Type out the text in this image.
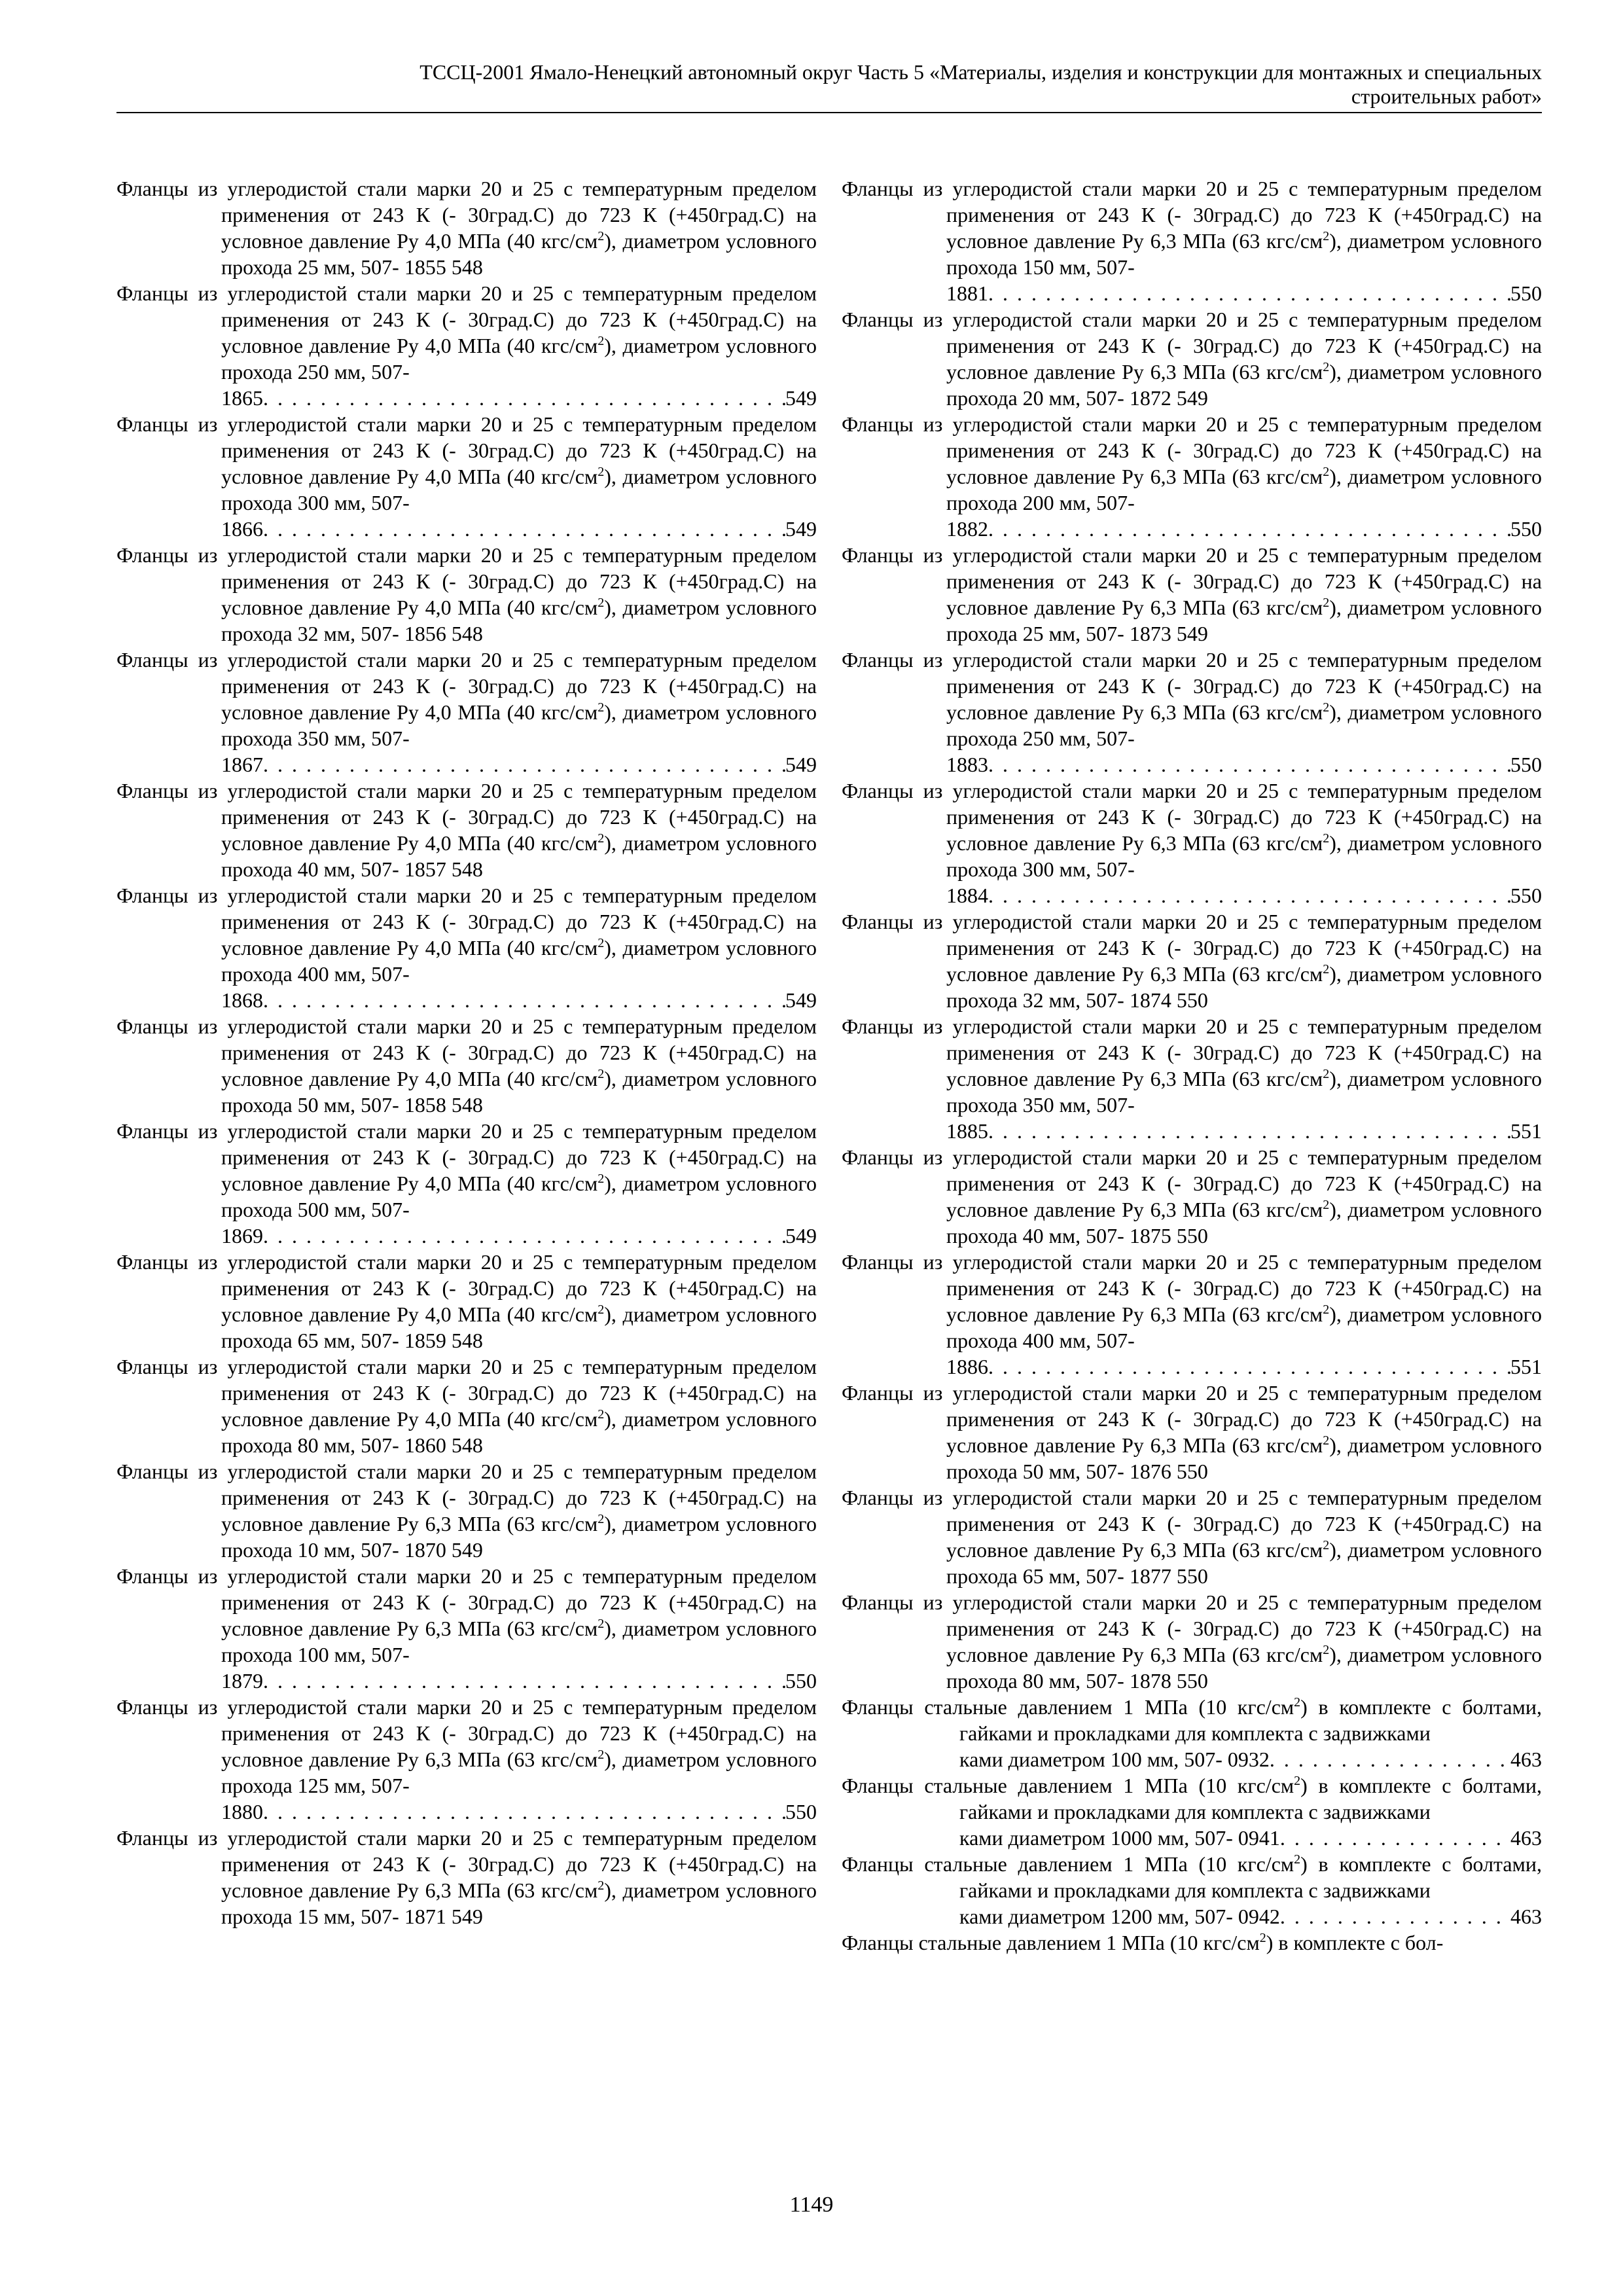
ТССЦ-2001 Ямало-Ненецкий автономный округ Часть 5 «Материалы, изделия и конструкции для монтажных и специальных
строительных работ»

Фланцы из углеродистой стали марки 20 и 25 с температурным пределом применения от 243 К (- 30град.С) до 723 К (+450град.С) на условное давление Ру 4,0 МПа (40 кгс/$см^2$), диаметром условного прохода 25 мм, 507- 1855 548

Фланцы из углеродистой стали марки 20 и 25 с температурным пределом применения от 243 К (- 30град.С) до 723 К (+450град.С) на условное давление Ру 4,0 МПа (40 кгс/$см^2$), диаметром условного прохода 250 мм, 507-

1865 . . .	549

Фланцы из углеродистой стали марки 20 и 25 с температурным пределом применения от 243 К (- 30град.С) до 723 К (+450град.С) на условное давление Ру 4,0 МПа (40 кгс/$см^2$), диаметром условного прохода 300 мм, 507-

1866 . . .	549

Фланцы из углеродистой стали марки 20 и 25 с температурным пределом применения от 243 К (- 30град.С) до 723 К (+450град.С) на условное давление Ру 4,0 МПа (40 кгс/$см^2$), диаметром условного прохода 32 мм, 507- 1856 548

Фланцы из углеродистой стали марки 20 и 25 с температурным пределом применения от 243 К (- 30град.С) до 723 К (+450град.С) на условное давление Ру 4,0 МПа (40 кгс/$см^2$), диаметром условного прохода 350 мм, 507-

1867 . . .	549

Фланцы из углеродистой стали марки 20 и 25 с температурным пределом применения от 243 К (- 30град.С) до 723 К (+450град.С) на условное давление Ру 4,0 МПа (40 кгс/$см^2$), диаметром условного прохода 40 мм, 507- 1857 548

Фланцы из углеродистой стали марки 20 и 25 с температурным пределом применения от 243 К (- 30град.С) до 723 К (+450град.С) на условное давление Ру 4,0 МПа (40 кгс/$см^2$), диаметром условного прохода 400 мм, 507-

1868 . . .	549

Фланцы из углеродистой стали марки 20 и 25 с температурным пределом применения от 243 К (- 30град.С) до 723 К (+450град.С) на условное давление Ру 4,0 МПа (40 кгс/$см^2$), диаметром условного прохода 50 мм, 507- 1858 548

Фланцы из углеродистой стали марки 20 и 25 с температурным пределом применения от 243 К (- 30град.С) до 723 К (+450град.С) на условное давление Ру 4,0 МПа (40 кгс/$см^2$), диаметром условного прохода 500 мм, 507-

1869 . . .	549

Фланцы из углеродистой стали марки 20 и 25 с температурным пределом применения от 243 К (- 30град.С) до 723 К (+450град.С) на условное давление Ру 4,0 МПа (40 кгс/$см^2$), диаметром условного прохода 65 мм, 507- 1859 548

Фланцы из углеродистой стали марки 20 и 25 с температурным пределом применения от 243 К (- 30град.С) до 723 К (+450град.С) на условное давление Ру 4,0 МПа (40 кгс/$см^2$), диаметром условного прохода 80 мм, 507- 1860 548

Фланцы из углеродистой стали марки 20 и 25 с температурным пределом применения от 243 К (- 30град.С) до 723 К (+450град.С) на условное давление Ру 6,3 МПа (63 кгс/$см^2$), диаметром условного прохода 10 мм, 507- 1870 549

Фланцы из углеродистой стали марки 20 и 25 с температурным пределом применения от 243 К (- 30град.С) до 723 К (+450град.С) на условное давление Ру 6,3 МПа (63 кгс/$см^2$), диаметром условного прохода 100 мм, 507-

1879 . . .	550

Фланцы из углеродистой стали марки 20 и 25 с температурным пределом применения от 243 К (- 30град.С) до 723 К (+450град.С) на условное давление Ру 6,3 МПа (63 кгс/$см^2$), диаметром условного прохода 125 мм, 507-

1880 . . .	550

Фланцы из углеродистой стали марки 20 и 25 с температурным пределом применения от 243 К (- 30град.С) до 723 К (+450град.С) на условное давление Ру 6,3 МПа (63 кгс/$см^2$), диаметром условного прохода 15 мм, 507- 1871 549

Фланцы из углеродистой стали марки 20 и 25 с температурным пределом применения от 243 К (- 30град.С) до 723 К (+450град.С) на условное давление Ру 6,3 МПа (63 кгс/$см^2$), диаметром условного прохода 150 мм, 507-

1881 . . .	550

Фланцы из углеродистой стали марки 20 и 25 с температурным пределом применения от 243 К (- 30град.С) до 723 К (+450град.С) на условное давление Ру 6,3 МПа (63 кгс/$см^2$), диаметром условного прохода 20 мм, 507- 1872 549

Фланцы из углеродистой стали марки 20 и 25 с температурным пределом применения от 243 К (- 30град.С) до 723 К (+450град.С) на условное давление Ру 6,3 МПа (63 кгс/$см^2$), диаметром условного прохода 200 мм, 507-

1882 . . .	550

Фланцы из углеродистой стали марки 20 и 25 с температурным пределом применения от 243 К (- 30град.С) до 723 К (+450град.С) на условное давление Ру 6,3 МПа (63 кгс/$см^2$), диаметром условного прохода 25 мм, 507- 1873 549

Фланцы из углеродистой стали марки 20 и 25 с температурным пределом применения от 243 К (- 30град.С) до 723 К (+450град.С) на условное давление Ру 6,3 МПа (63 кгс/$см^2$), диаметром условного прохода 250 мм, 507-

1883 . . .	550

Фланцы из углеродистой стали марки 20 и 25 с температурным пределом применения от 243 К (- 30град.С) до 723 К (+450град.С) на условное давление Ру 6,3 МПа (63 кгс/$см^2$), диаметром условного прохода 300 мм, 507-

1884 . . .	550

Фланцы из углеродистой стали марки 20 и 25 с температурным пределом применения от 243 К (- 30град.С) до 723 К (+450град.С) на условное давление Ру 6,3 МПа (63 кгс/$см^2$), диаметром условного прохода 32 мм, 507- 1874 550

Фланцы из углеродистой стали марки 20 и 25 с температурным пределом применения от 243 К (- 30град.С) до 723 К (+450град.С) на условное давление Ру 6,3 МПа (63 кгс/$см^2$), диаметром условного прохода 350 мм, 507-

1885 . . .	551

Фланцы из углеродистой стали марки 20 и 25 с температурным пределом применения от 243 К (- 30град.С) до 723 К (+450град.С) на условное давление Ру 6,3 МПа (63 кгс/$см^2$), диаметром условного прохода 40 мм, 507- 1875 550

Фланцы из углеродистой стали марки 20 и 25 с температурным пределом применения от 243 К (- 30град.С) до 723 К (+450град.С) на условное давление Ру 6,3 МПа (63 кгс/$см^2$), диаметром условного прохода 400 мм, 507-

1886 . . .	551

Фланцы из углеродистой стали марки 20 и 25 с температурным пределом применения от 243 К (- 30град.С) до 723 К (+450град.С) на условное давление Ру 6,3 МПа (63 кгс/$см^2$), диаметром условного прохода 50 мм, 507- 1876 550

Фланцы из углеродистой стали марки 20 и 25 с температурным пределом применения от 243 К (- 30град.С) до 723 К (+450град.С) на условное давление Ру 6,3 МПа (63 кгс/$см^2$), диаметром условного прохода 65 мм, 507- 1877 550

Фланцы из углеродистой стали марки 20 и 25 с температурным пределом применения от 243 К (- 30град.С) до 723 К (+450град.С) на условное давление Ру 6,3 МПа (63 кгс/$см^2$), диаметром условного прохода 80 мм, 507- 1878 550

Фланцы стальные давлением 1 МПа (10 кгс/$см^2$) в комплекте с болтами, гайками и прокладками для комплекта с задвижками

ками диаметром 100 мм, 507- 0932 . . .	463

Фланцы стальные давлением 1 МПа (10 кгс/$см^2$) в комплекте с болтами, гайками и прокладками для комплекта с задвижками

ками диаметром 1000 мм, 507- 0941 . . .	463

Фланцы стальные давлением 1 МПа (10 кгс/$см^2$) в комплекте с болтами, гайками и прокладками для комплекта с задвижками

ками диаметром 1200 мм, 507- 0942 . . .	463

Фланцы стальные давлением 1 МПа (10 кгс/$см^2$) в комплекте с бол-

1149
